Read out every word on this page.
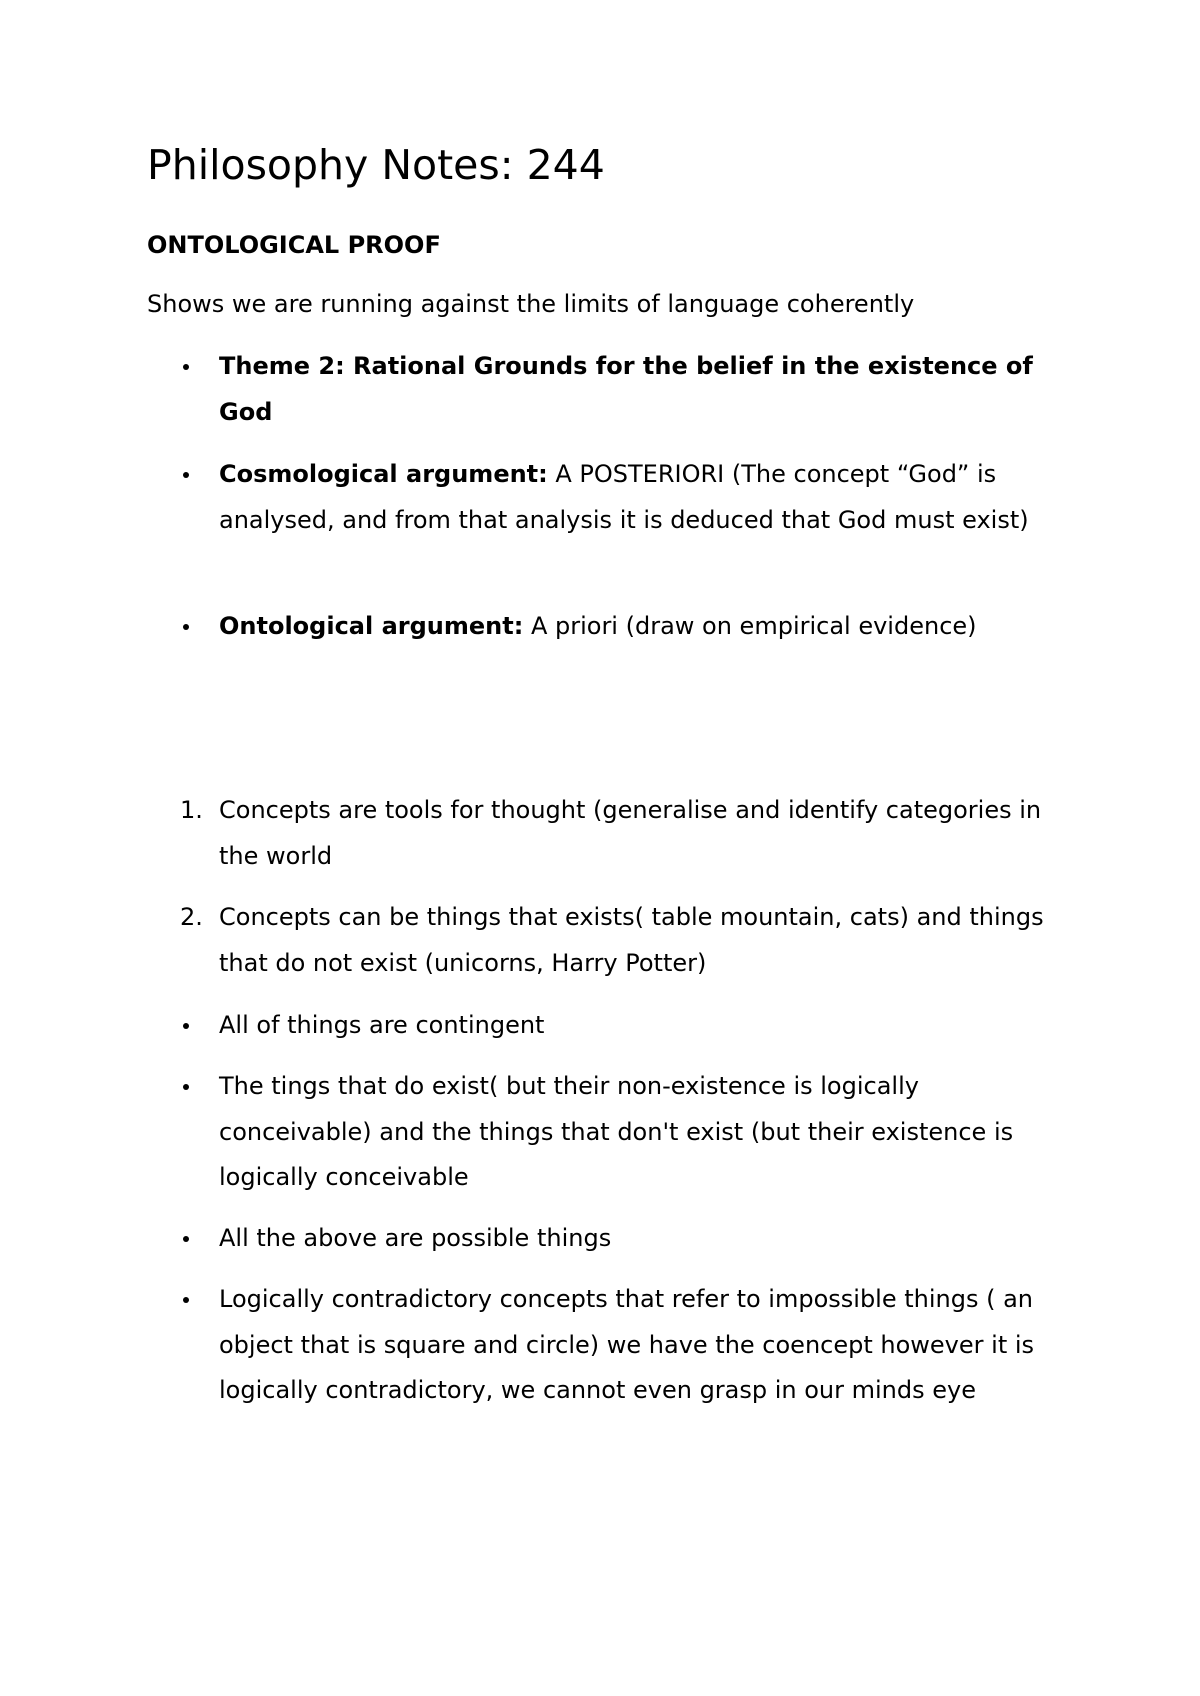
Philosophy Notes: 244
ONTOLOGICAL PROOF
Shows we are running against the limits of language coherently
Theme 2: Rational Grounds for the belief in the existence of God
Cosmological argument: A POSTERIORI (The concept “God” is analysed, and from that analysis it is deduced that God must exist)
Ontological argument: A priori (draw on empirical evidence)
1. Concepts are tools for thought (generalise and identify categories in the world
2. Concepts can be things that exists( table mountain, cats) and things that do not exist (unicorns, Harry Potter)
All of things are contingent
The tings that do exist( but their non-existence is logically conceivable) and the things that don't exist (but their existence is logically conceivable
All the above are possible things
Logically contradictory concepts that refer to impossible things ( an object that is square and circle) we have the coencept however it is logically contradictory, we cannot even grasp in our minds eye
